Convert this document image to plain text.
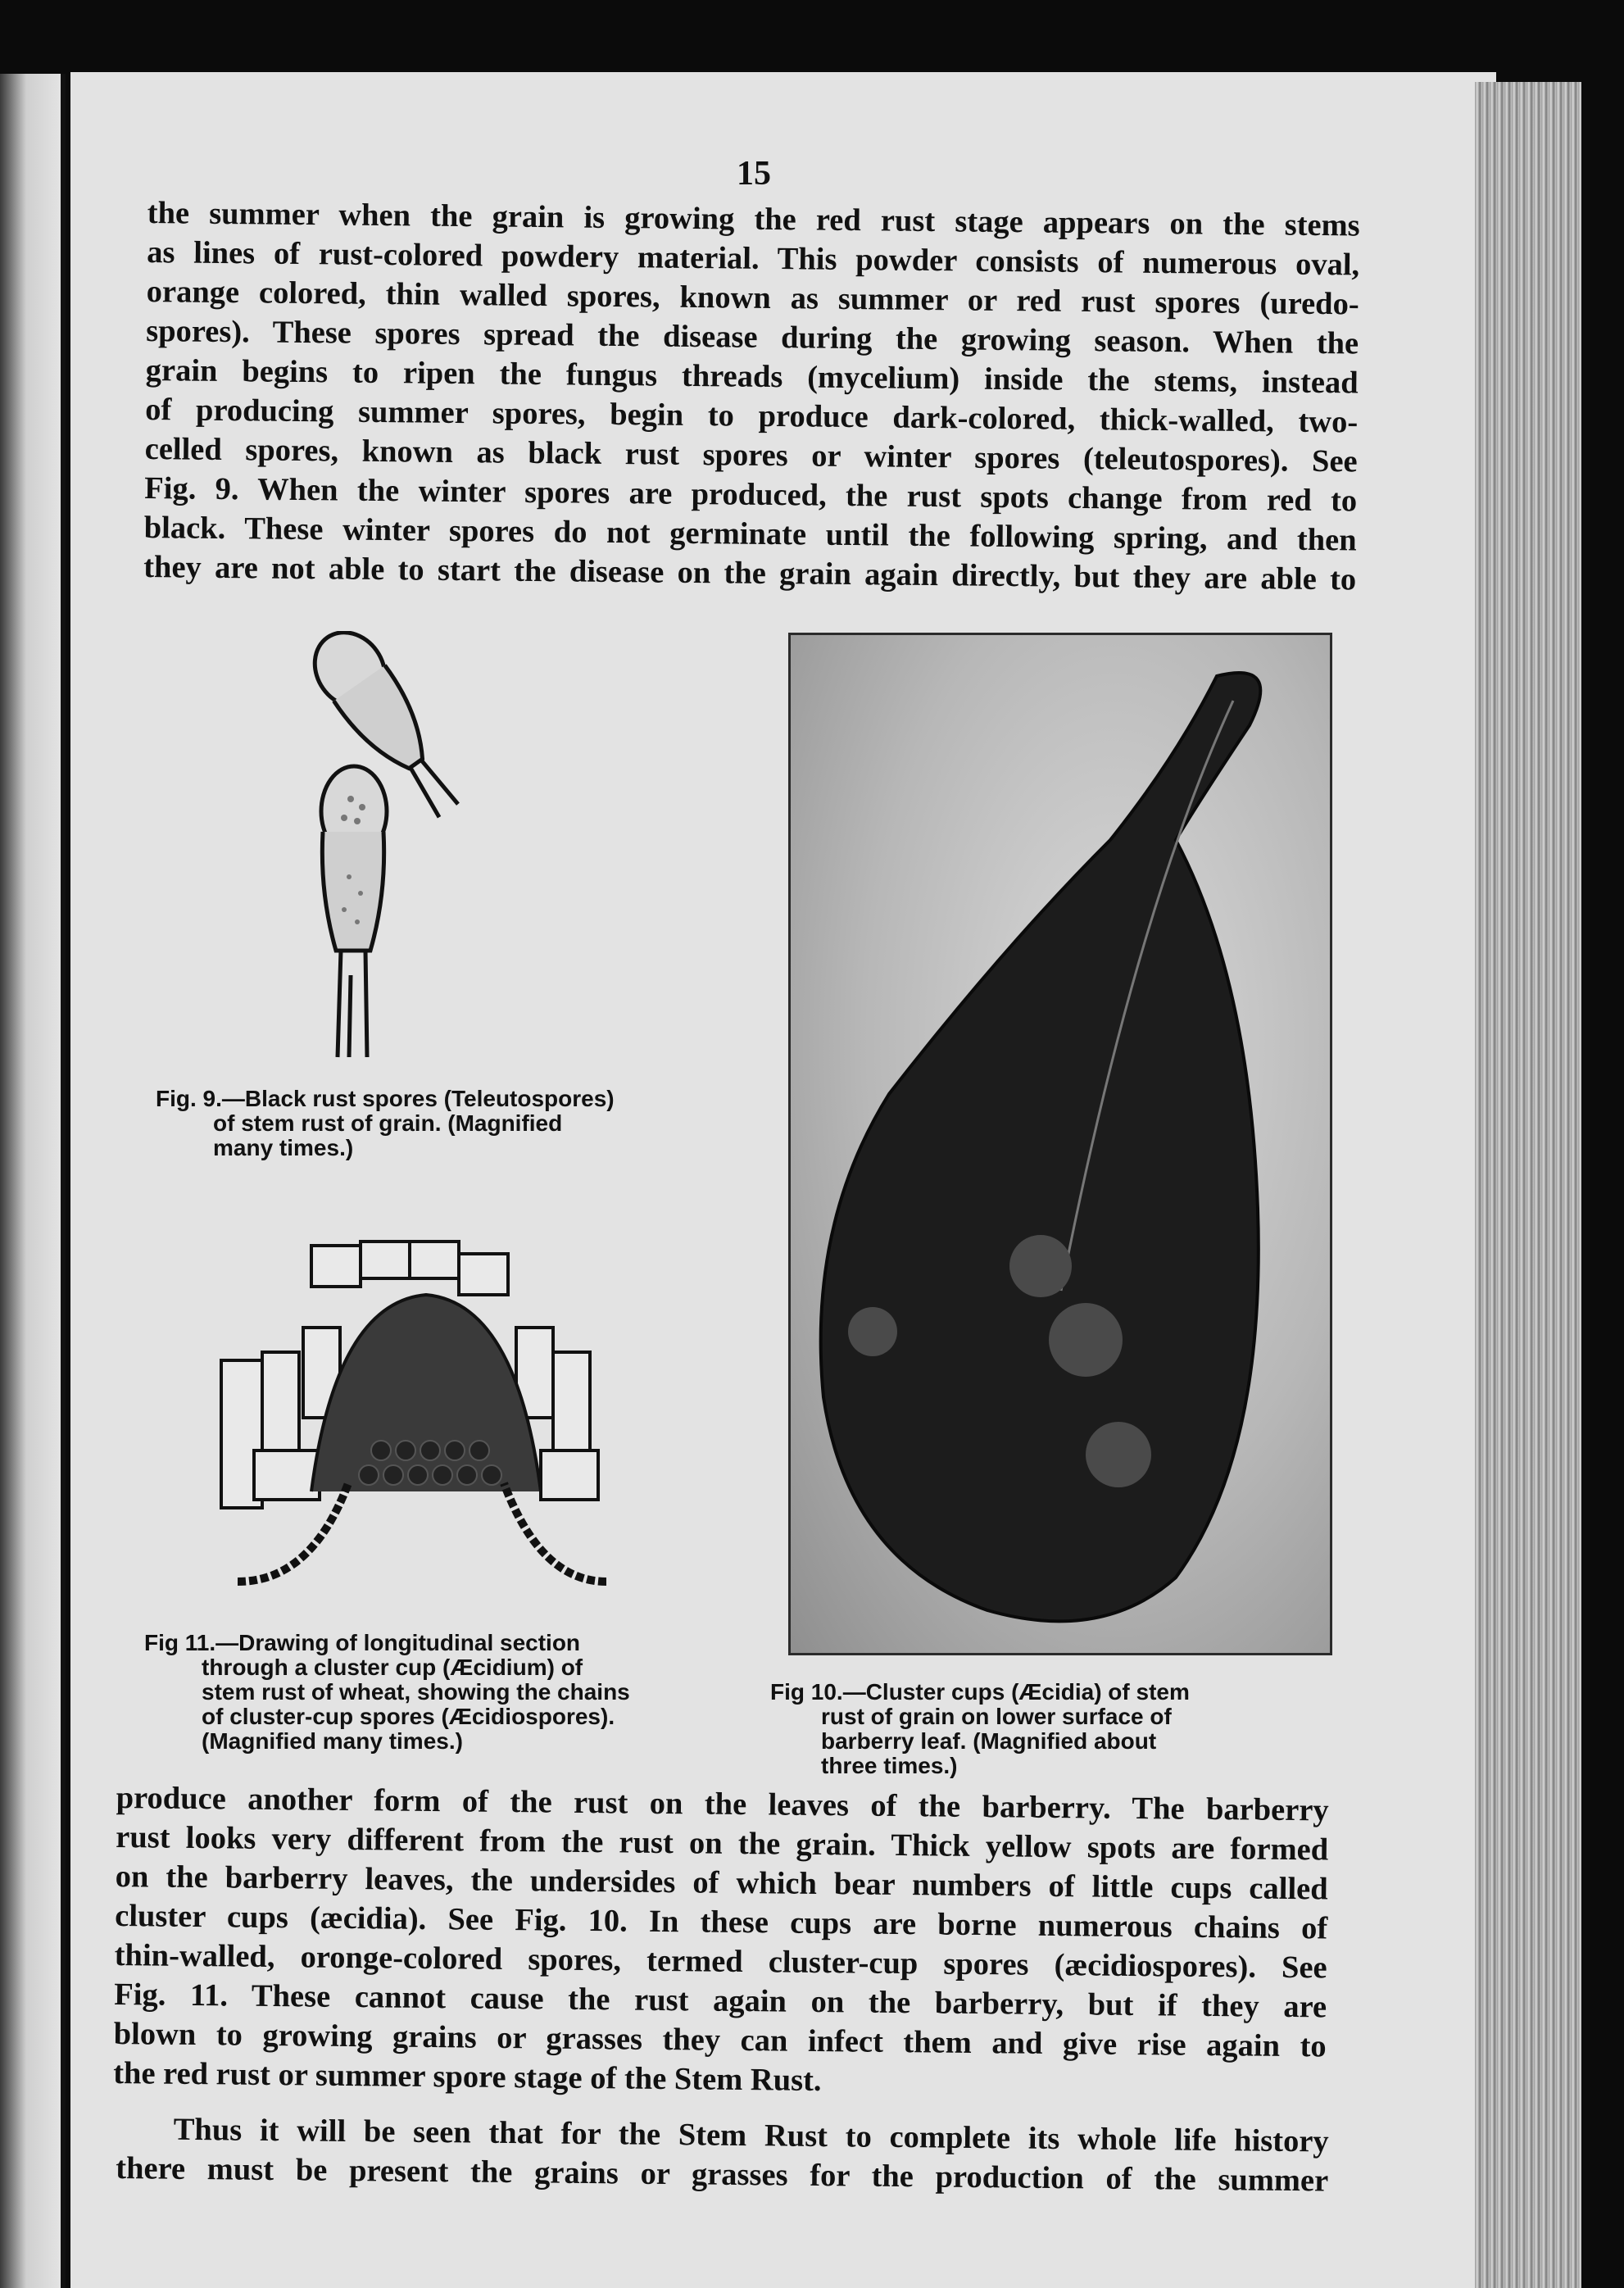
15

the summer when the grain is growing the red rust stage appears on the stems
as lines of rust-colored powdery material. This powder consists of numerous oval,
orange colored, thin walled spores, known as summer or red rust spores (uredo-
spores). These spores spread the disease during the growing season. When the
grain begins to ripen the fungus threads (mycelium) inside the stems, instead
of producing summer spores, begin to produce dark-colored, thick-walled, two-
celled spores, known as black rust spores or winter spores (teleutospores). See
Fig. 9. When the winter spores are produced, the rust spots change from red to
black. These winter spores do not germinate until the following spring, and then
they are not able to start the disease on the grain again directly, but they are able to

Fig. 9.—Black rust spores (Teleutospores)
of stem rust of grain. (Magnified
many times.)
Fig 11.—Drawing of longitudinal section
through a cluster cup (Æcidium) of
stem rust of wheat, showing the chains
of cluster-cup spores (Æcidiospores).
(Magnified many times.)
Fig 10.—Cluster cups (Æcidia) of stem
rust of grain on lower surface of
barberry leaf. (Magnified about
three times.)

produce another form of the rust on the leaves of the barberry. The barberry
rust looks very different from the rust on the grain. Thick yellow spots are formed
on the barberry leaves, the undersides of which bear numbers of little cups called
cluster cups (æcidia). See Fig. 10. In these cups are borne numerous chains of
thin-walled, oronge-colored spores, termed cluster-cup spores (æcidiospores). See
Fig. 11. These cannot cause the rust again on the barberry, but if they are
blown to growing grains or grasses they can infect them and give rise again to
the red rust or summer spore stage of the Stem Rust.

Thus it will be seen that for the Stem Rust to complete its whole life history
there must be present the grains or grasses for the production of the summer
